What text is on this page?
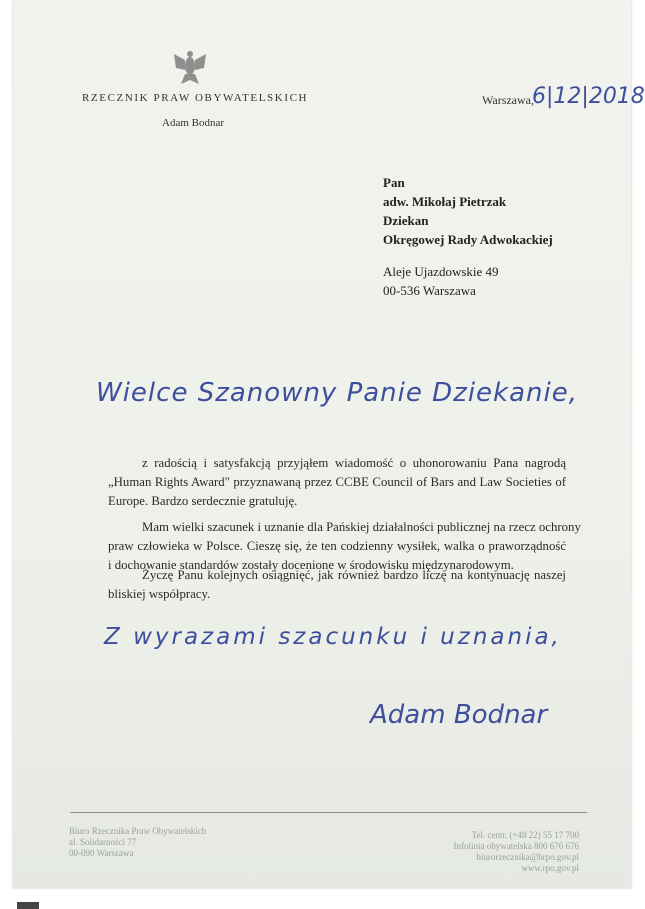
RZECZNIK PRAW OBYWATELSKICH
Adam Bodnar
Warszawa,
6|12|2018
Pan
adw. Mikołaj Pietrzak
Dziekan
Okręgowej Rady Adwokackiej
Aleje Ujazdowskie 49
00-536 Warszawa
Wielce Szanowny Panie Dziekanie,
z radością i satysfakcją przyjąłem wiadomość o uhonorowaniu Pana nagrodą
„Human Rights Award" przyznawaną przez CCBE Council of Bars and Law Societies of
Europe. Bardzo serdecznie gratuluję.
Mam wielki szacunek i uznanie dla Pańskiej działalności publicznej na rzecz ochrony
praw człowieka w Polsce. Cieszę się, że ten codzienny wysiłek, walka o praworządność
i dochowanie standardów zostały docenione w środowisku międzynarodowym.
Życzę Panu kolejnych osiągnięć, jak również bardzo liczę na kontynuację naszej
bliskiej współpracy.
Z wyrazami szacunku i uznania,
Adam Bodnar
Biuro Rzecznika Praw Obywatelskich
al. Solidarności 77
00-090 Warszawa
Tel. centr. (+48 22) 55 17 700
Infolinia obywatelska 800 676 676
biurorzecznika@brpo.gov.pl
www.rpo.gov.pl
